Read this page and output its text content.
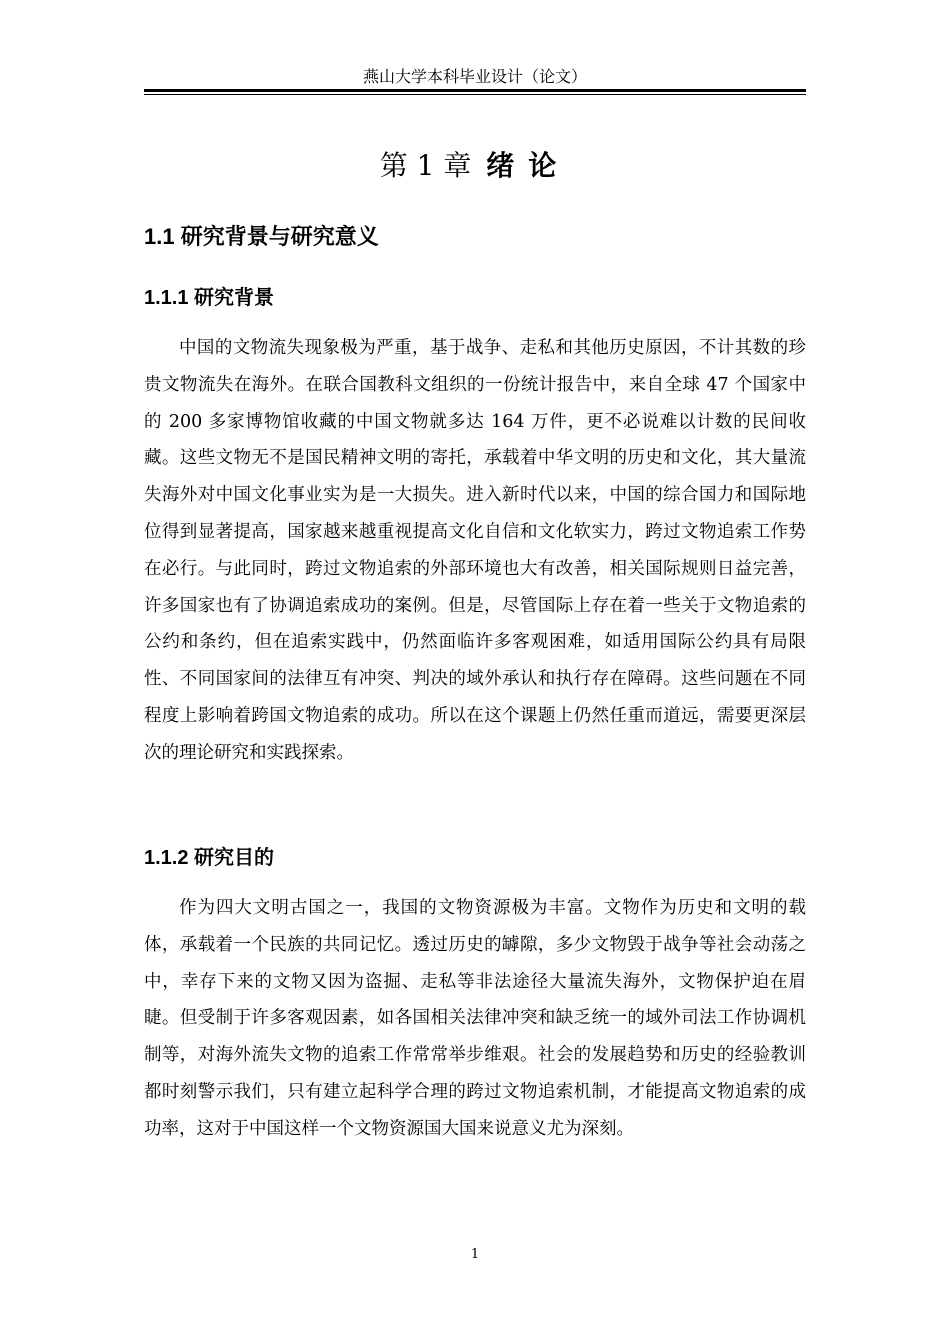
燕山大学本科毕业设计（论文）
第 1 章 绪论
1.1 研究背景与研究意义
1.1.1 研究背景

中国的文物流失现象极为严重，基于战争、走私和其他历史原因，不计其数的珍贵文物流失在海外。在联合国教科文组织的一份统计报告中，来自全球 47 个国家中的 200 多家博物馆收藏的中国文物就多达 164 万件，更不必说难以计数的民间收藏。这些文物无不是国民精神文明的寄托，承载着中华文明的历史和文化，其大量流失海外对中国文化事业实为是一大损失。进入新时代以来，中国的综合国力和国际地位得到显著提高，国家越来越重视提高文化自信和文化软实力，跨过文物追索工作势在必行。与此同时，跨过文物追索的外部环境也大有改善，相关国际规则日益完善，许多国家也有了协调追索成功的案例。但是，尽管国际上存在着一些关于文物追索的公约和条约，但在追索实践中，仍然面临许多客观困难，如适用国际公约具有局限性、不同国家间的法律互有冲突、判决的域外承认和执行存在障碍。这些问题在不同程度上影响着跨国文物追索的成功。所以在这个课题上仍然任重而道远，需要更深层次的理论研究和实践探索。

1.1.2 研究目的

作为四大文明古国之一，我国的文物资源极为丰富。文物作为历史和文明的载体，承载着一个民族的共同记忆。透过历史的罅隙，多少文物毁于战争等社会动荡之中，幸存下来的文物又因为盗掘、走私等非法途径大量流失海外，文物保护迫在眉睫。但受制于许多客观因素，如各国相关法律冲突和缺乏统一的域外司法工作协调机制等，对海外流失文物的追索工作常常举步维艰。社会的发展趋势和历史的经验教训都时刻警示我们，只有建立起科学合理的跨过文物追索机制，才能提高文物追索的成功率，这对于中国这样一个文物资源国大国来说意义尤为深刻。

1
